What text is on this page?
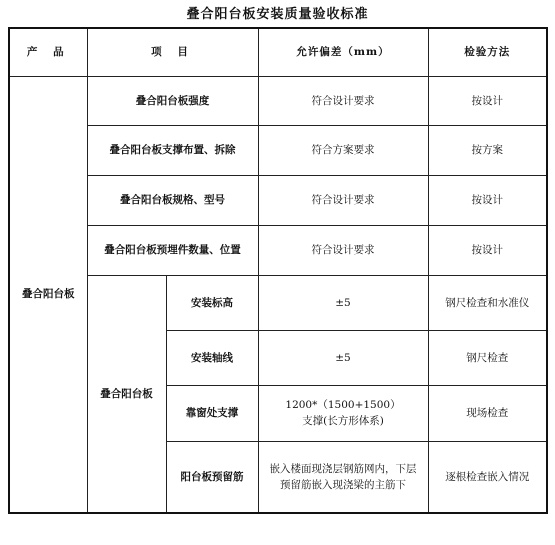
叠合阳台板安装质量验收标准
产 品	项 目		允许偏差（mm）	检验方法
叠合阳台板	叠合阳台板强度		符合设计要求	按设计
	叠合阳台板支撑布置、拆除		符合方案要求	按方案
	叠合阳台板规格、型号		符合设计要求	按设计
	叠合阳台板预埋件数量、位置		符合设计要求	按设计
	叠合阳台板	安装标高	±5	钢尺检查和水准仪
		安装轴线	±5	钢尺检查
		靠窗处支撑	1200*（1500+1500）
支撑(长方形体系)	现场检查
		阳台板预留筋	嵌入楼面现浇层钢筋网内，下层
预留筋嵌入现浇梁的主筋下	逐根检查嵌入情况
